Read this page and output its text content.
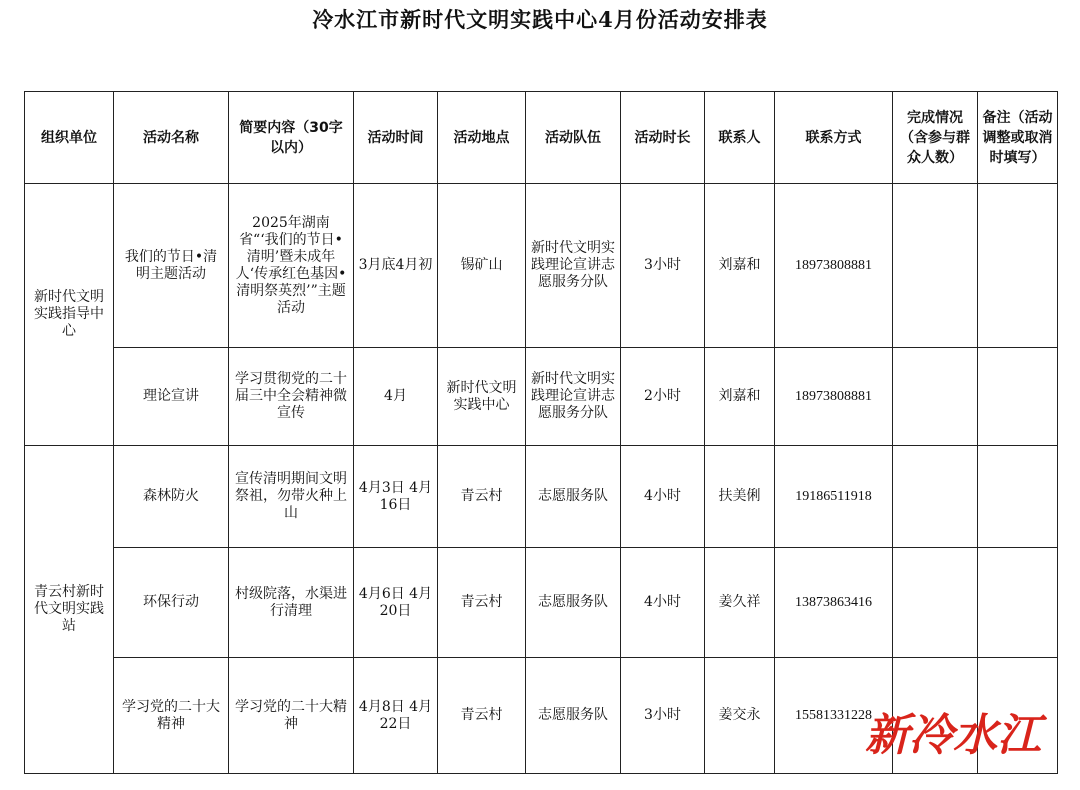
冷水江市新时代文明实践中心4月份活动安排表
组织单位	活动名称	简要内容（30字以内）	活动时间	活动地点	活动队伍	活动时长	联系人	联系方式	完成情况（含参与群众人数）	备注（活动调整或取消时填写）
新时代文明实践指导中心	我们的节日•清明主题活动	2025年湖南省“‘我们的节日•清明’暨未成年人‘传承红色基因•清明祭英烈’”主题活动	3月底4月初	锡矿山	新时代文明实践理论宣讲志愿服务分队	3小时	刘嘉和	18973808881		
	理论宣讲	学习贯彻党的二十届三中全会精神微宣传	4月	新时代文明实践中心	新时代文明实践理论宣讲志愿服务分队	2小时	刘嘉和	18973808881		
青云村新时代文明实践站	森林防火	宣传清明期间文明祭祖，勿带火种上山	4月3日 4月16日	青云村	志愿服务队	4小时	扶美俐	19186511918		
	环保行动	村级院落，水渠进行清理	4月6日 4月20日	青云村	志愿服务队	4小时	姜久祥	13873863416		
	学习党的二十大精神	学习党的二十大精神	4月8日 4月22日	青云村	志愿服务队	3小时	姜交永	15581331228		
新冷水江
